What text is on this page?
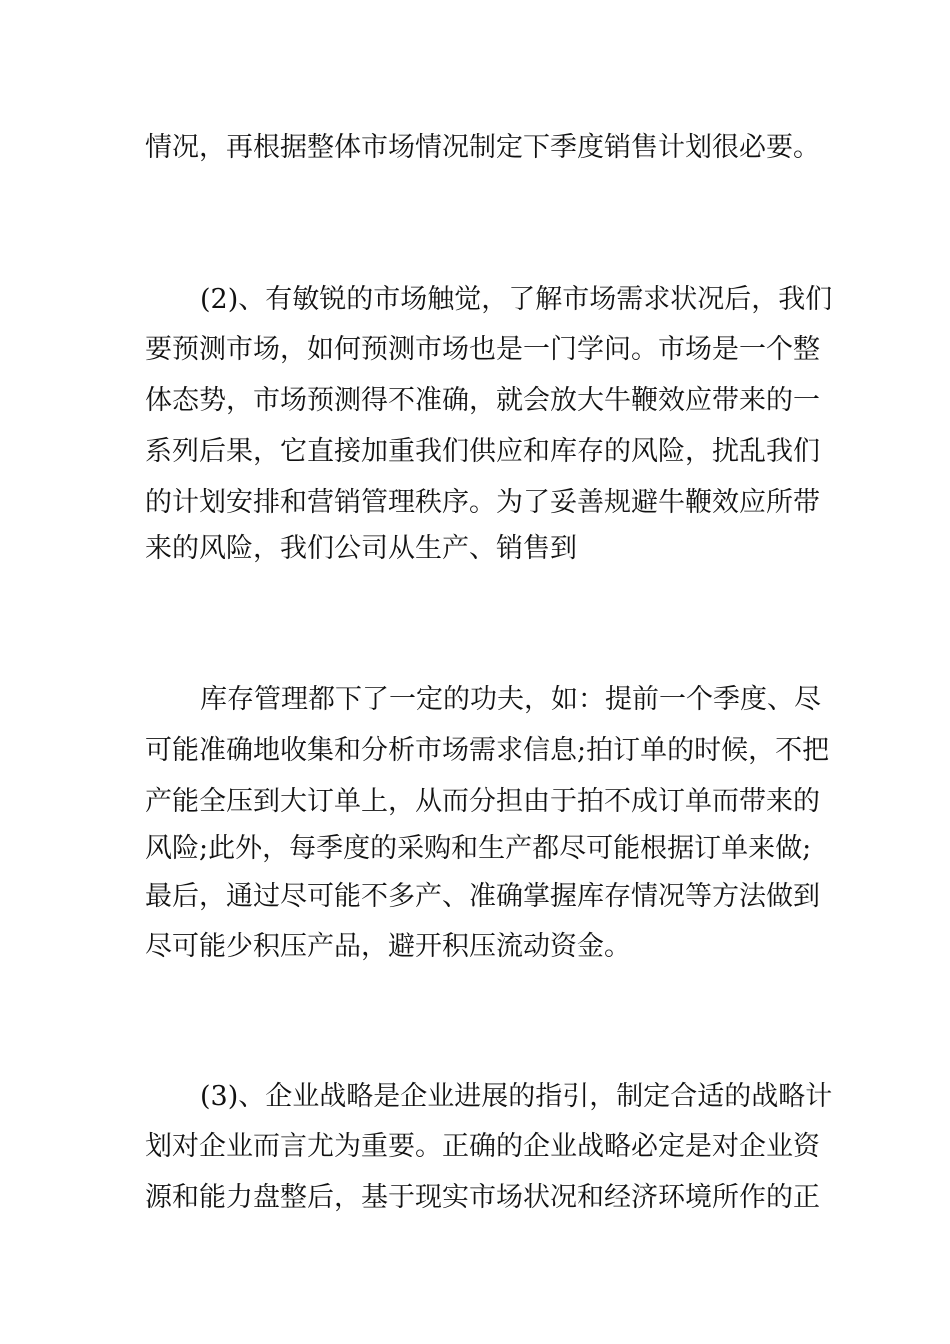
情况，再根据整体市场情况制定下季度销售计划很必要。
(2)、有敏锐的市场触觉，了解市场需求状况后，我们
要预测市场，如何预测市场也是一门学问。市场是一个整
体态势，市场预测得不准确，就会放大牛鞭效应带来的一
系列后果，它直接加重我们供应和库存的风险，扰乱我们
的计划安排和营销管理秩序。为了妥善规避牛鞭效应所带
来的风险，我们公司从生产、销售到
库存管理都下了一定的功夫，如：提前一个季度、尽
可能准确地收集和分析市场需求信息;拍订单的时候，不把
产能全压到大订单上，从而分担由于拍不成订单而带来的
风险;此外，每季度的采购和生产都尽可能根据订单来做;
最后，通过尽可能不多产、准确掌握库存情况等方法做到
尽可能少积压产品，避开积压流动资金。
(3)、企业战略是企业进展的指引，制定合适的战略计
划对企业而言尤为重要。正确的企业战略必定是对企业资
源和能力盘整后，基于现实市场状况和经济环境所作的正
